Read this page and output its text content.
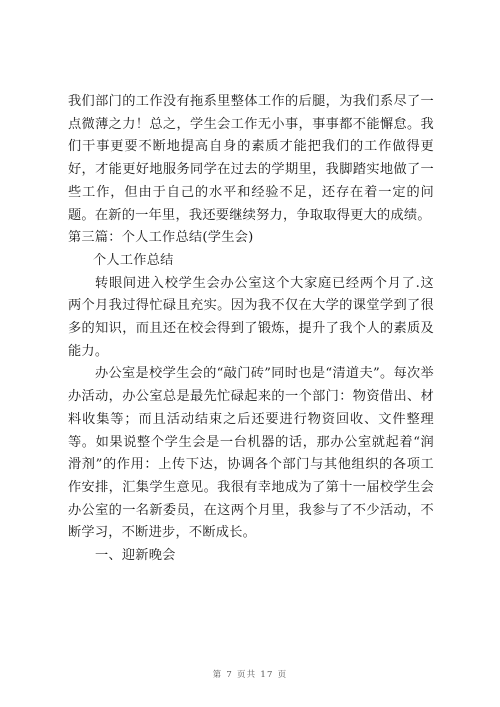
我们部门的工作没有拖系里整体工作的后腿，为我们系尽了一点微薄之力！总之，学生会工作无小事，事事都不能懈怠。我们干事更要不断地提高自身的素质才能把我们的工作做得更好，才能更好地服务同学在过去的学期里，我脚踏实地做了一些工作，但由于自己的水平和经验不足，还存在着一定的问题。在新的一年里，我还要继续努力，争取取得更大的成绩。

第三篇：个人工作总结(学生会)

个人工作总结

转眼间进入校学生会办公室这个大家庭已经两个月了.这两个月我过得忙碌且充实。因为我不仅在大学的课堂学到了很多的知识，而且还在校会得到了锻炼，提升了我个人的素质及能力。

办公室是校学生会的“敲门砖”同时也是“清道夫”。每次举办活动，办公室总是最先忙碌起来的一个部门：物资借出、材料收集等；而且活动结束之后还要进行物资回收、文件整理等。如果说整个学生会是一台机器的话，那办公室就起着“润滑剂”的作用：上传下达，协调各个部门与其他组织的各项工作安排，汇集学生意见。我很有幸地成为了第十一届校学生会办公室的一名新委员，在这两个月里，我参与了不少活动，不断学习，不断进步，不断成长。

一、迎新晚会

第 7 页共 17 页
